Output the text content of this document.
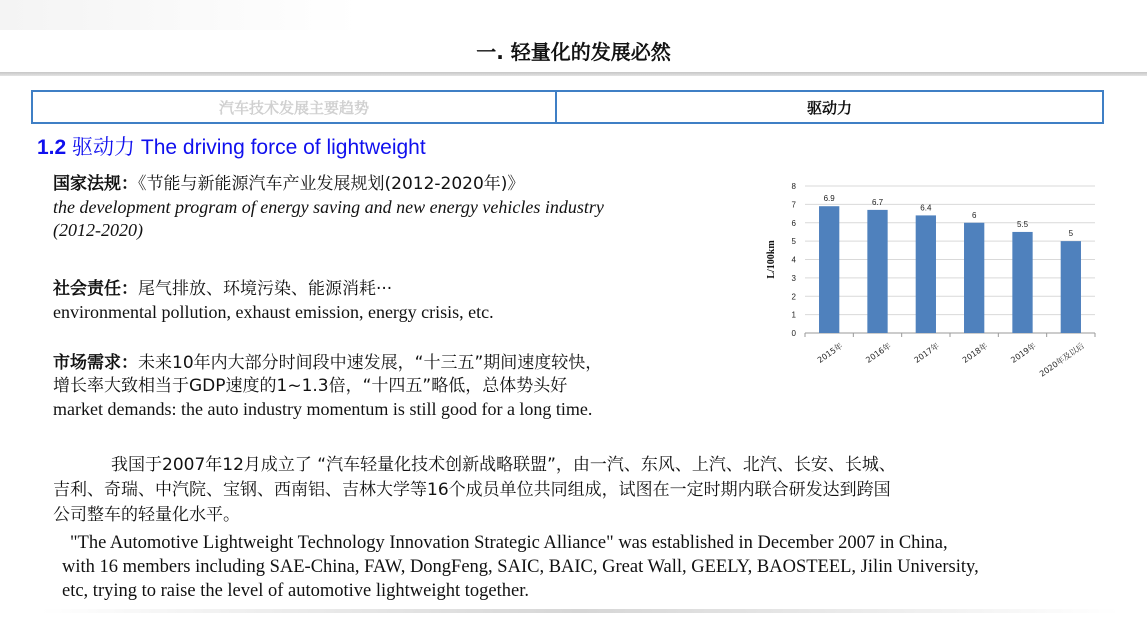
一. 轻量化的发展必然
汽车技术发展主要趋势	驱动力
1.2 驱动力 The driving force of lightweight
国家法规：《节能与新能源汽车产业发展规划(2012-2020年)》
the development program of energy saving and new energy vehicles industry
(2012-2020)
社会责任：尾气排放、环境污染、能源消耗···
environmental pollution, exhaust emission, energy crisis, etc.
市场需求：未来10年内大部分时间段中速发展，“十三五”期间速度较快，
增长率大致相当于GDP速度的1~1.3倍，“十四五”略低，总体势头好
market demands: the auto industry momentum is still good for a long time.
0
1
2
3
4
5
6
7
8
L/100km
6.9
2015年
6.7
2016年
6.4
2017年
6
2018年
5.5
2019年
5
2020年及以后
我国于2007年12月成立了 “汽车轻量化技术创新战略联盟”，由一汽、东风、上汽、北汽、长安、长城、
吉利、奇瑞、中汽院、宝钢、西南铝、吉林大学等16个成员单位共同组成，试图在一定时期内联合研发达到跨国
公司整车的轻量化水平。
"The Automotive Lightweight Technology Innovation Strategic Alliance" was established in December 2007 in China,
with 16 members including SAE-China, FAW, DongFeng, SAIC, BAIC, Great Wall, GEELY, BAOSTEEL, Jilin University,
etc, trying to raise the level of automotive lightweight together.
